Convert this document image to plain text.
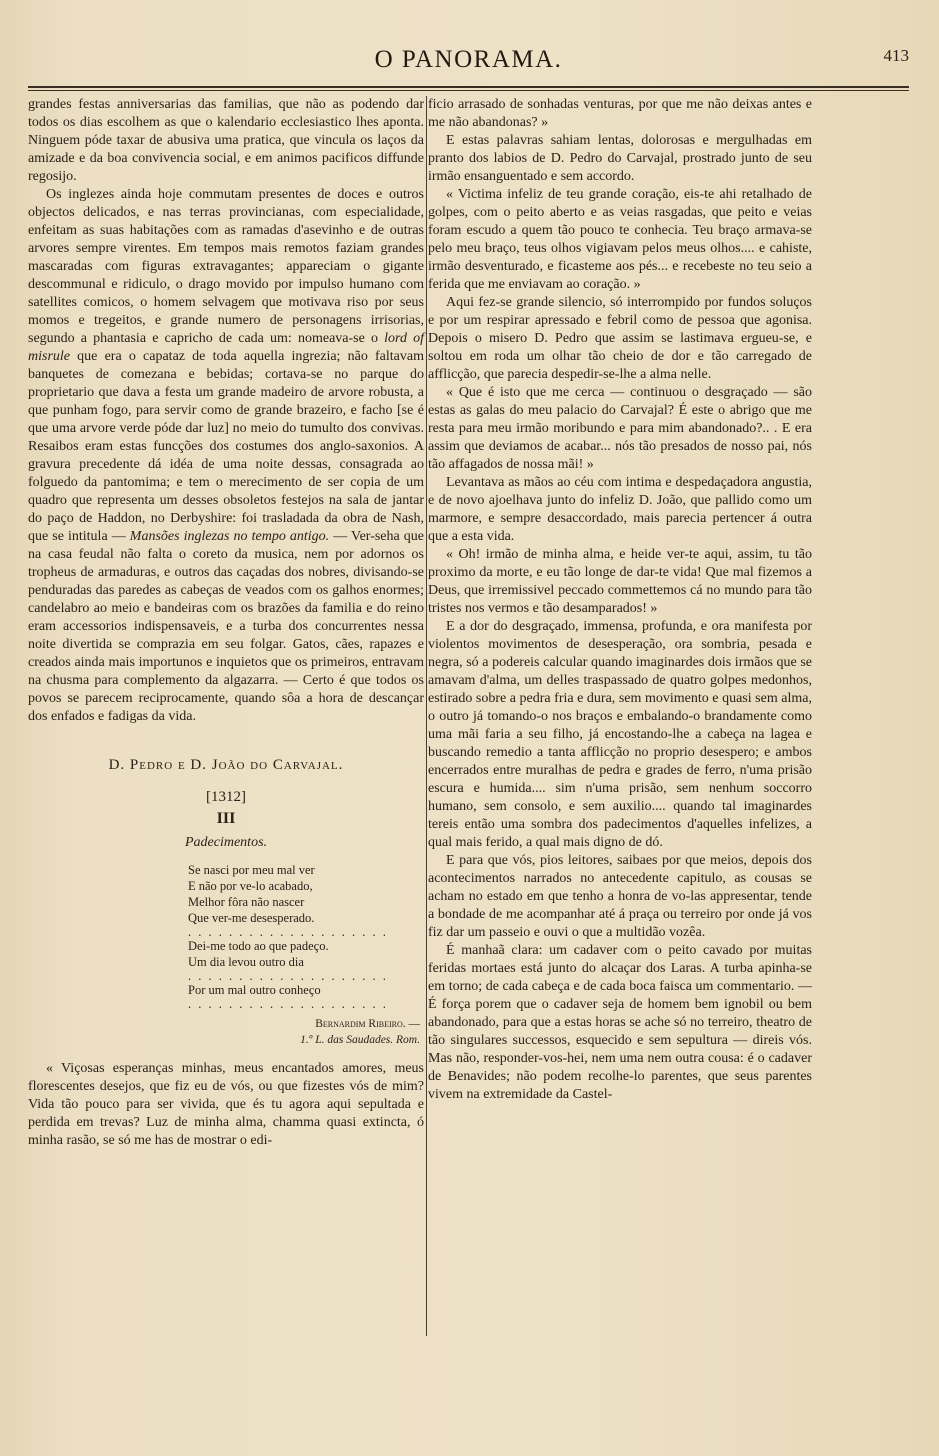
O PANORAMA.	413

grandes festas anniversarias das familias, que não as podendo dar todos os dias escolhem as que o kalendario ecclesiastico lhes aponta. Ninguem póde taxar de abusiva uma pratica, que vincula os laços da amizade e da boa convivencia social, e em animos pacificos diffunde regosijo.

Os inglezes ainda hoje commutam presentes de doces e outros objectos delicados, e nas terras provincianas, com especialidade, enfeitam as suas habitações com as ramadas d'asevinho e de outras arvores sempre virentes. Em tempos mais remotos faziam grandes mascaradas com figuras extravagantes; appareciam o gigante descommunal e ridiculo, o drago movido por impulso humano com satellites comicos, o homem selvagem que motivava riso por seus momos e tregeitos, e grande numero de personagens irrisorias, segundo a phantasia e capricho de cada um: nomeava-se o lord of misrule que era o capataz de toda aquella ingrezia; não faltavam banquetes de comezana e bebidas; cortava-se no parque do proprietario que dava a festa um grande madeiro de arvore robusta, a que punham fogo, para servir como de grande brazeiro, e facho [se é que uma arvore verde póde dar luz] no meio do tumulto dos convivas. Resaibos eram estas funcções dos costumes dos anglo-saxonios. A gravura precedente dá idéa de uma noite dessas, consagrada ao folguedo da pantomima; e tem o merecimento de ser copia de um quadro que representa um desses obsoletos festejos na sala de jantar do paço de Haddon, no Derbyshire: foi trasladada da obra de Nash, que se intitula — Mansões inglezas no tempo antigo. — Ver-seha que na casa feudal não falta o coreto da musica, nem por adornos os tropheus de armaduras, e outros das caçadas dos nobres, divisando-se penduradas das paredes as cabeças de veados com os galhos enormes; candelabro ao meio e bandeiras com os brazões da familia e do reino eram accessorios indispensaveis, e a turba dos concurrentes nessa noite divertida se comprazia em seu folgar. Gatos, cães, rapazes e creados ainda mais importunos e inquietos que os primeiros, entravam na chusma para complemento da algazarra. — Certo é que todos os povos se parecem reciprocamente, quando sôa a hora de descançar dos enfados e fadigas da vida.

D. Pedro e D. João do Carvajal.
[1312]
III
Padecimentos.
Se nasci por meu mal ver
E não por ve-lo acabado,
Melhor fôra não nascer
Que ver-me desesperado.
. . . . . . . . . . . . . . . . . . . .
Dei-me todo ao que padeço.
Um dia levou outro dia
. . . . . . . . . . . . . . . . . . . .
Por um mal outro conheço
. . . . . . . . . . . . . . . . . . . .
Bernardim Ribeiro. —
1.º L. das Saudades. Rom.

« Viçosas esperanças minhas, meus encantados amores, meus florescentes desejos, que fiz eu de vós, ou que fizestes vós de mim? Vida tão pouco para ser vivida, que és tu agora aqui sepultada e perdida em trevas? Luz de minha alma, chamma quasi extincta, ó minha rasão, se só me has de mostrar o edi-

ficio arrasado de sonhadas venturas, por que me não deixas antes e me não abandonas? »

E estas palavras sahiam lentas, dolorosas e mergulhadas em pranto dos labios de D. Pedro do Carvajal, prostrado junto de seu irmão ensanguentado e sem accordo.

« Victima infeliz de teu grande coração, eis-te ahi retalhado de golpes, com o peito aberto e as veias rasgadas, que peito e veias foram escudo a quem tão pouco te conhecia. Teu braço armava-se pelo meu braço, teus olhos vigiavam pelos meus olhos.... e cahiste, irmão desventurado, e ficasteme aos pés... e recebeste no teu seio a ferida que me enviavam ao coração. »

Aqui fez-se grande silencio, só interrompido por fundos soluços e por um respirar apressado e febril como de pessoa que agonisa. Depois o misero D. Pedro que assim se lastimava ergueu-se, e soltou em roda um olhar tão cheio de dor e tão carregado de afflicção, que parecia despedir-se-lhe a alma nelle.

« Que é isto que me cerca — continuou o desgraçado — são estas as galas do meu palacio do Carvajal? É este o abrigo que me resta para meu irmão moribundo e para mim abandonado?.. . E era assim que deviamos de acabar... nós tão presados de nosso pai, nós tão affagados de nossa mãi! »

Levantava as mãos ao céu com intima e despedaçadora angustia, e de novo ajoelhava junto do infeliz D. João, que pallido como um marmore, e sempre desaccordado, mais parecia pertencer á outra que a esta vida.

« Oh! irmão de minha alma, e heide ver-te aqui, assim, tu tão proximo da morte, e eu tão longe de dar-te vida! Que mal fizemos a Deus, que irremissivel peccado commettemos cá no mundo para tão tristes nos vermos e tão desamparados! »

E a dor do desgraçado, immensa, profunda, e ora manifesta por violentos movimentos de desesperação, ora sombria, pesada e negra, só a podereis calcular quando imaginardes dois irmãos que se amavam d'alma, um delles traspassado de quatro golpes medonhos, estirado sobre a pedra fria e dura, sem movimento e quasi sem alma, o outro já tomando-o nos braços e embalando-o brandamente como uma mãi faria a seu filho, já encostando-lhe a cabeça na lagea e buscando remedio a tanta afflicção no proprio desespero; e ambos encerrados entre muralhas de pedra e grades de ferro, n'uma prisão escura e humida.... sim n'uma prisão, sem nenhum soccorro humano, sem consolo, e sem auxilio.... quando tal imaginardes tereis então uma sombra dos padecimentos d'aquelles infelizes, a qual mais ferido, a qual mais digno de dó.

E para que vós, pios leitores, saibaes por que meios, depois dos acontecimentos narrados no antecedente capitulo, as cousas se acham no estado em que tenho a honra de vo-las appresentar, tende a bondade de me acompanhar até á praça ou terreiro por onde já vos fiz dar um passeio e ouvi o que a multidão vozêa.

É manhaã clara: um cadaver com o peito cavado por muitas feridas mortaes está junto do alcaçar dos Laras. A turba apinha-se em torno; de cada cabeça e de cada boca faisca um commentario. — É força porem que o cadaver seja de homem bem ignobil ou bem abandonado, para que a estas horas se ache só no terreiro, theatro de tão singulares successos, esquecido e sem sepultura — direis vós. Mas não, responder-vos-hei, nem uma nem outra cousa: é o cadaver de Benavides; não podem recolhe-lo parentes, que seus parentes vivem na extremidade da Castel-
